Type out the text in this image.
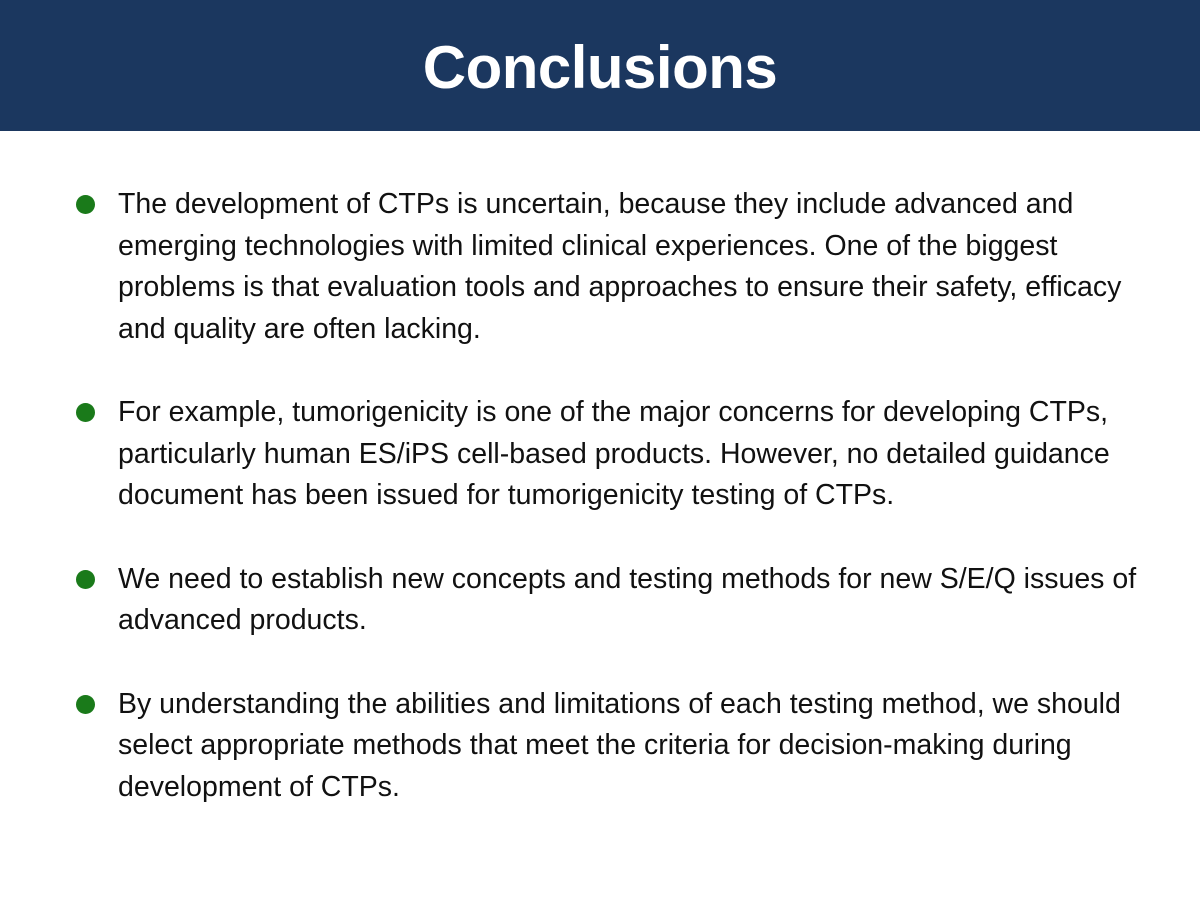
Conclusions
The development of CTPs is uncertain, because they include advanced and emerging technologies with limited clinical experiences. One of the biggest problems is that evaluation tools and approaches to ensure their safety, efficacy and quality are often lacking.
For example, tumorigenicity is one of the major concerns for developing CTPs, particularly human ES/iPS cell-based products. However, no detailed guidance document has been issued for tumorigenicity testing of CTPs.
We need to establish new concepts and testing methods for new S/E/Q issues of advanced products.
By understanding the abilities and limitations of each testing method, we should select appropriate methods that meet the criteria for decision-making during development of CTPs.
